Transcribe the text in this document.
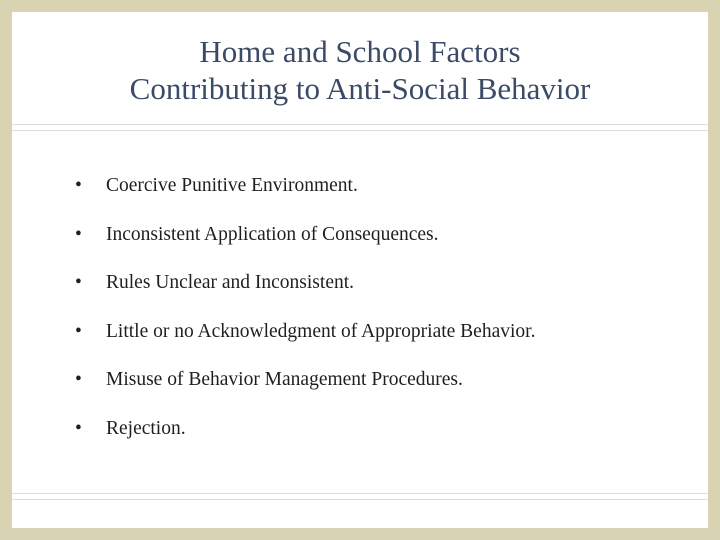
Home and School Factors
Contributing to Anti-Social Behavior
•	Coercive Punitive Environment.
•	Inconsistent Application of Consequences.
•	Rules Unclear and Inconsistent.
•	Little or no Acknowledgment of Appropriate Behavior.
•	Misuse of Behavior Management Procedures.
•	Rejection.
